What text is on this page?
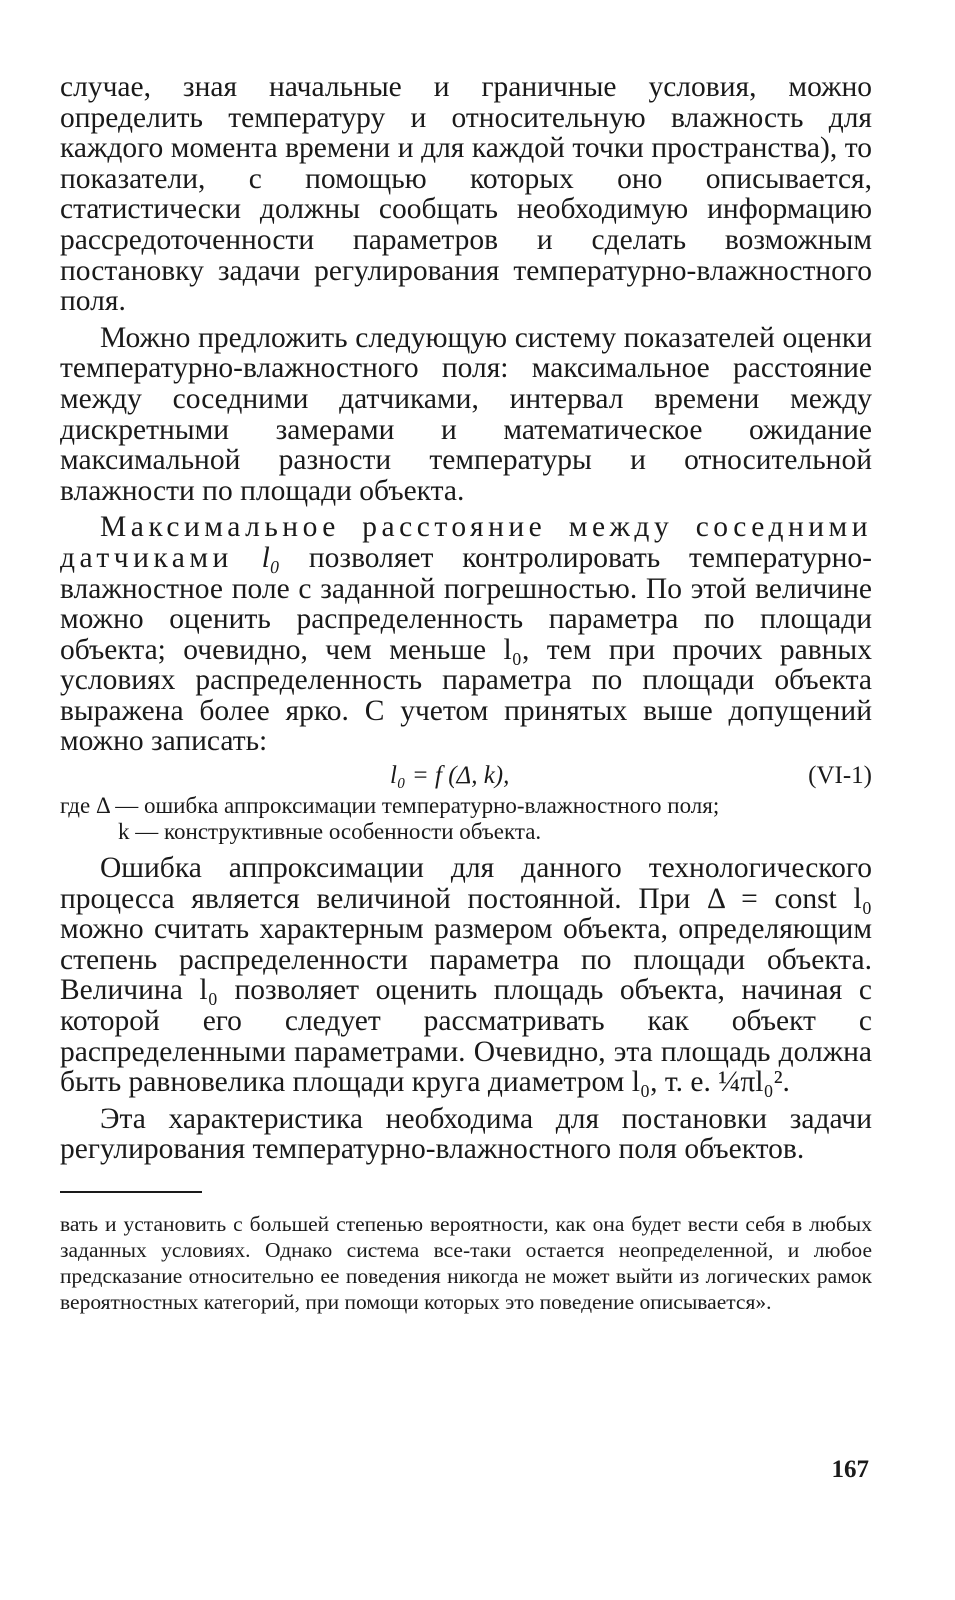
случае, зная начальные и граничные условия, можно определить температуру и относительную влажность для каждого момента времени и для каждой точки пространства), то показатели, с помощью которых оно описывается, статистически должны сообщать необходимую информацию рассредоточенности параметров и сделать возможным постановку задачи регулирования температурно-влажностного поля.

Можно предложить следующую систему показателей оценки температурно-влажностного поля: максимальное расстояние между соседними датчиками, интервал времени между дискретными замерами и математическое ожидание максимальной разности температуры и относительной влажности по площади объекта.

Максимальное расстояние между соседними датчиками l₀ позволяет контролировать температурно-влажностное поле с заданной погрешностью. По этой величине можно оценить распределенность параметра по площади объекта; очевидно, чем меньше l₀, тем при прочих равных условиях распределенность параметра по площади объекта выражена более ярко. С учетом принятых выше допущений можно записать:

l₀ = f (Δ, k),	(VI-1)
где Δ — ошибка аппроксимации температурно-влажностного поля;
k — конструктивные особенности объекта.

Ошибка аппроксимации для данного технологического процесса является величиной постоянной. При Δ = const l₀ можно считать характерным размером объекта, определяющим степень распределенности параметра по площади объекта. Величина l₀ позволяет оценить площадь объекта, начиная с которой его следует рассматривать как объект с распределенными параметрами. Очевидно, эта площадь должна быть равновелика площади круга диаметром l₀, т. е. ¼πl₀².

Эта характеристика необходима для постановки задачи регулирования температурно-влажностного поля объектов.

вать и установить с большей степенью вероятности, как она будет вести себя в любых заданных условиях. Однако система все-таки остается неопределенной, и любое предсказание относительно ее поведения никогда не может выйти из логических рамок вероятностных категорий, при помощи которых это поведение описывается».

167
